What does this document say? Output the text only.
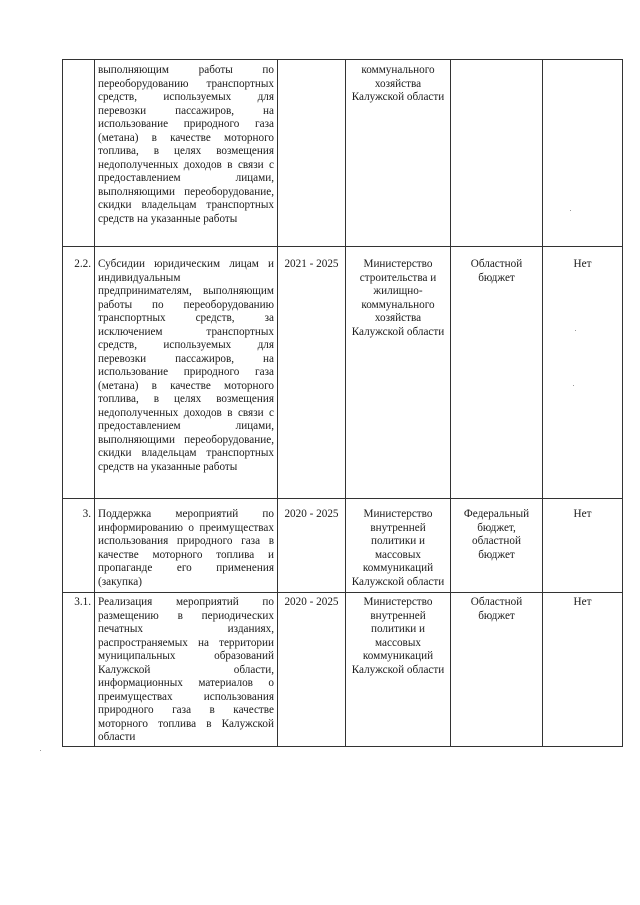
	выполняющим работы по переоборудованию транспортных средств, используемых для перевозки пассажиров, на использование природного газа (метана) в качестве моторного топлива, в целях возмещения недополученных доходов в связи с предоставлением лицами, выполняющими переоборудование, скидки владельцам транспортных средств на указанные работы		коммунального хозяйства Калужской области		
2.2.	Субсидии юридическим лицам и индивидуальным предпринимателям, выполняющим работы по переоборудованию транспортных средств, за исключением транспортных средств, используемых для перевозки пассажиров, на использование природного газа (метана) в качестве моторного топлива, в целях возмещения недополученных доходов в связи с предоставлением лицами, выполняющими переоборудование, скидки владельцам транспортных средств на указанные работы	2021 - 2025	Министерство строительства и жилищно-коммунального хозяйства Калужской области	Областной бюджет	Нет
3.	Поддержка мероприятий по информированию о преимуществах использования природного газа в качестве моторного топлива и пропаганде его применения (закупка)	2020 - 2025	Министерство внутренней политики и массовых коммуникаций Калужской области	Федеральный бюджет, областной бюджет	Нет
3.1.	Реализация мероприятий по размещению в периодических печатных изданиях, распространяемых на территории муниципальных образований Калужской области, информационных материалов о преимуществах использования природного газа в качестве моторного топлива в Калужской области	2020 - 2025	Министерство внутренней политики и массовых коммуникаций Калужской области	Областной бюджет	Нет
